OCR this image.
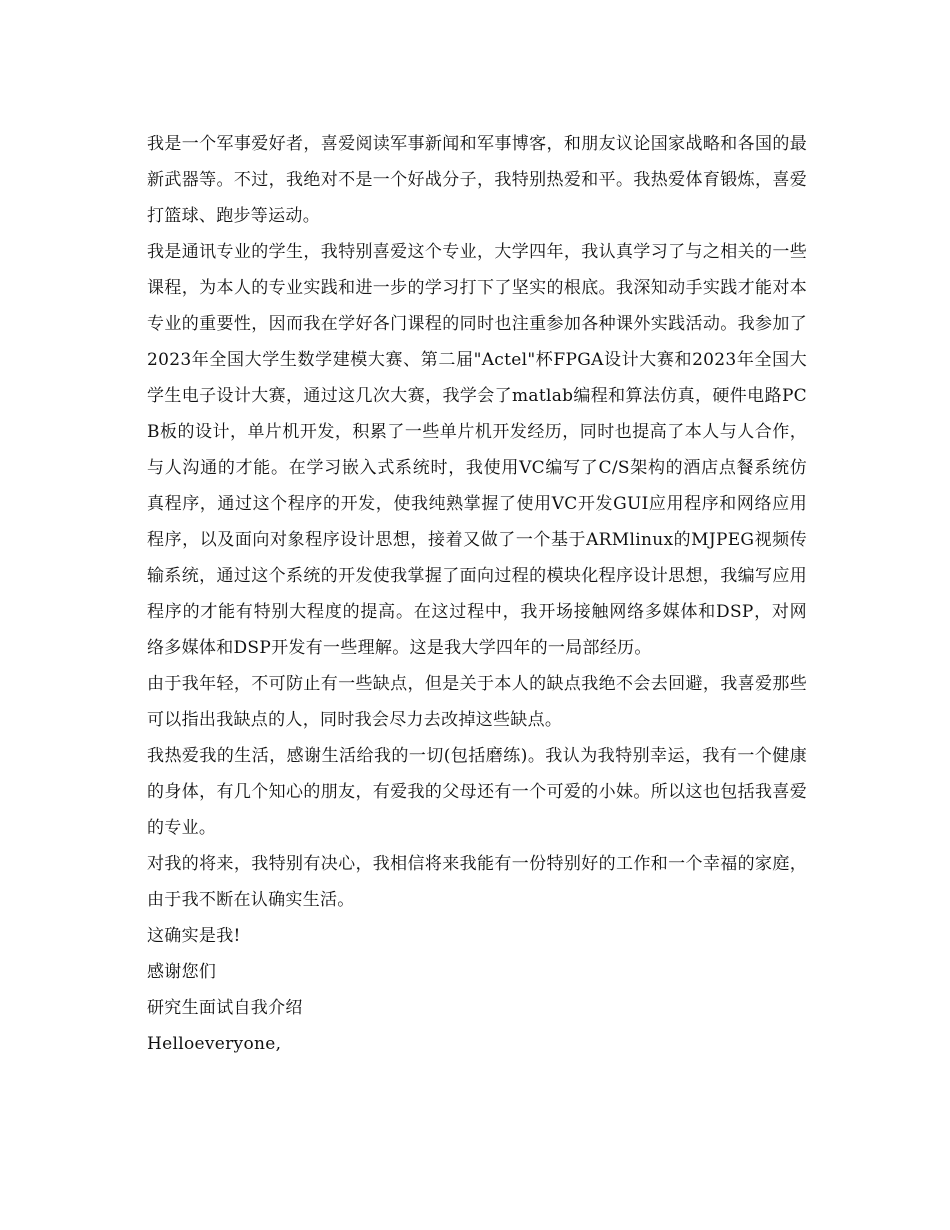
我是一个军事爱好者，喜爱阅读军事新闻和军事博客，和朋友议论国家战略和各国的最新武器等。不过，我绝对不是一个好战分子，我特别热爱和平。我热爱体育锻炼，喜爱打篮球、跑步等运动。

我是通讯专业的学生，我特别喜爱这个专业，大学四年，我认真学习了与之相关的一些课程，为本人的专业实践和进一步的学习打下了坚实的根底。我深知动手实践才能对本专业的重要性，因而我在学好各门课程的同时也注重参加各种课外实践活动。我参加了2023年全国大学生数学建模大赛、第二届"Actel"杯FPGA设计大赛和2023年全国大学生电子设计大赛，通过这几次大赛，我学会了matlab编程和算法仿真，硬件电路PCB板的设计，单片机开发，积累了一些单片机开发经历，同时也提高了本人与人合作，与人沟通的才能。在学习嵌入式系统时，我使用VC编写了C/S架构的酒店点餐系统仿真程序，通过这个程序的开发，使我纯熟掌握了使用VC开发GUI应用程序和网络应用程序，以及面向对象程序设计思想，接着又做了一个基于ARMlinux的MJPEG视频传输系统，通过这个系统的开发使我掌握了面向过程的模块化程序设计思想，我编写应用程序的才能有特别大程度的提高。在这过程中，我开场接触网络多媒体和DSP，对网络多媒体和DSP开发有一些理解。这是我大学四年的一局部经历。

由于我年轻，不可防止有一些缺点，但是关于本人的缺点我绝不会去回避，我喜爱那些可以指出我缺点的人，同时我会尽力去改掉这些缺点。

我热爱我的生活，感谢生活给我的一切(包括磨练)。我认为我特别幸运，我有一个健康的身体，有几个知心的朋友，有爱我的父母还有一个可爱的小妹。所以这也包括我喜爱的专业。

对我的将来，我特别有决心，我相信将来我能有一份特别好的工作和一个幸福的家庭，由于我不断在认确实生活。

这确实是我!

感谢您们

研究生面试自我介绍

Helloeveryone,
